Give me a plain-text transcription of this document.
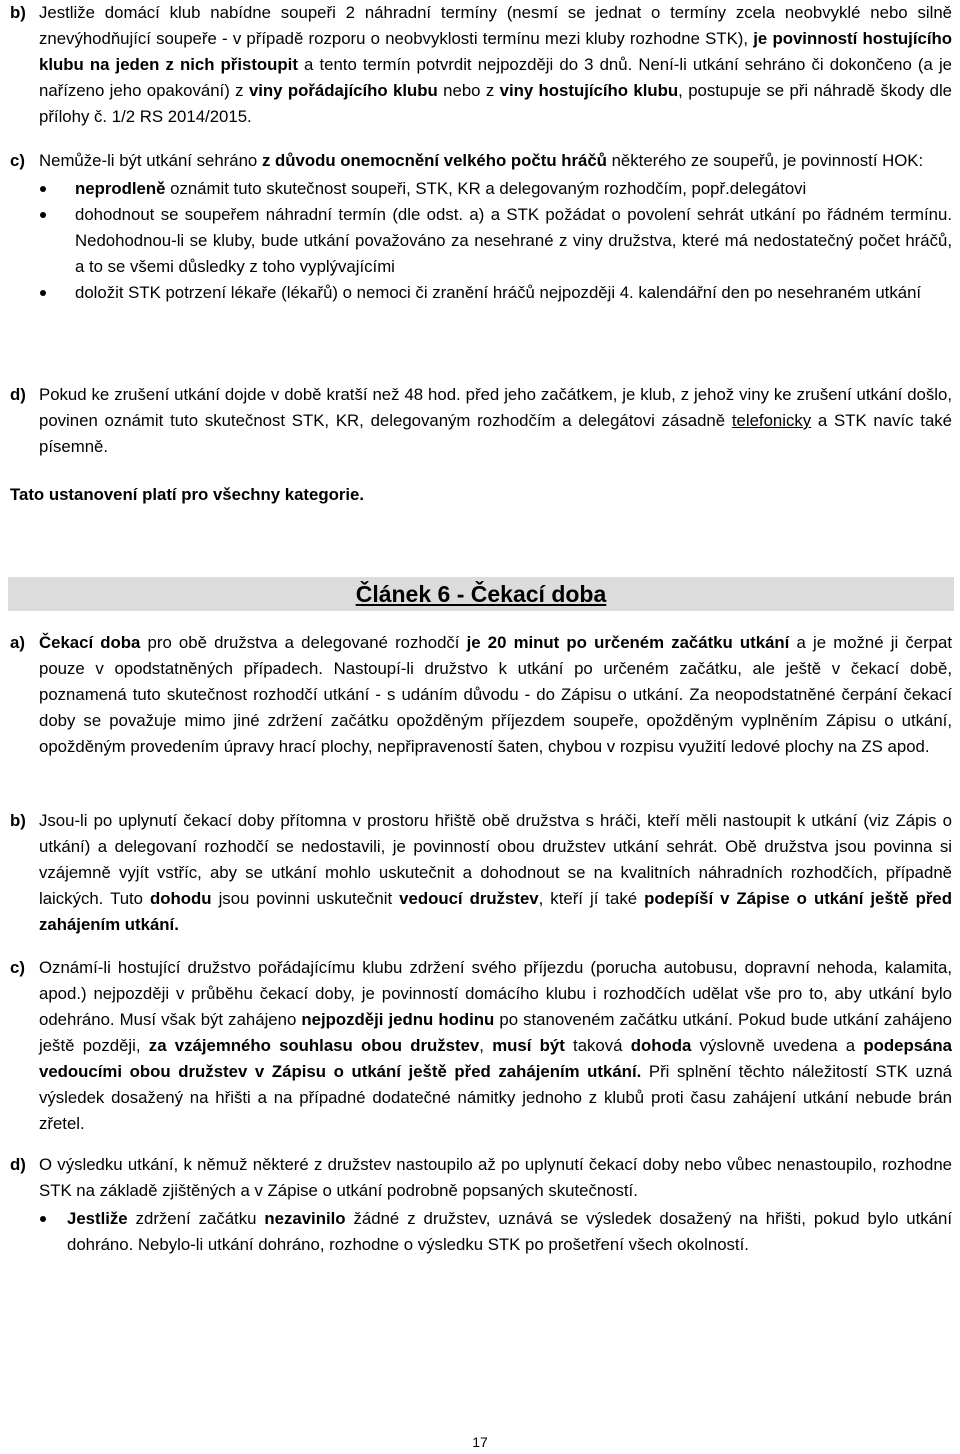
b) Jestliže domácí klub nabídne soupeři 2 náhradní termíny (nesmí se jednat o termíny zcela neobvyklé nebo silně znevýhodňující soupeře - v případě rozporu o neobvyklosti termínu mezi kluby rozhodne STK), je povinností hostujícího klubu na jeden z nich přistoupit a tento termín potvrdit nejpozději do 3 dnů. Není-li utkání sehráno či dokončeno (a je nařízeno jeho opakování) z viny pořádajícího klubu nebo z viny hostujícího klubu, postupuje se při náhradě škody dle přílohy č. 1/2 RS 2014/2015.
c) Nemůže-li být utkání sehráno z důvodu onemocnění velkého počtu hráčů některého ze soupeřů, je povinností HOK:
neprodleně oznámit tuto skutečnost soupeři, STK, KR a delegovaným rozhodčím, popř.delegátovi
dohodnout se soupeřem náhradní termín (dle odst. a) a STK požádat o povolení sehrát utkání po řádném termínu. Nedohodnou-li se kluby, bude utkání považováno za nesehrané z viny družstva, které má nedostatečný počet hráčů, a to se všemi důsledky z toho vyplývajícími
doložit STK potrzení lékaře (lékařů) o nemoci či zranění hráčů nejpozději 4. kalendářní den po nesehraném utkání
d) Pokud ke zrušení utkání dojde v době kratší než 48 hod. před jeho začátkem, je klub, z jehož viny ke zrušení utkání došlo, povinen oznámit tuto skutečnost STK, KR, delegovaným rozhodčím a delegátovi zásadně telefonicky a STK navíc také písemně.
Tato ustanovení platí pro všechny kategorie.
Článek 6 - Čekací doba
a) Čekací doba pro obě družstva a delegované rozhodčí je 20 minut po určeném začátku utkání a je možné ji čerpat pouze v opodstatněných případech. Nastoupí-li družstvo k utkání po určeném začátku, ale ještě v čekací době, poznamená tuto skutečnost rozhodčí utkání - s udáním důvodu - do Zápisu o utkání. Za neopodstatněné čerpání čekací doby se považuje mimo jiné zdržení začátku opožděným příjezdem soupeře, opožděným vyplněním Zápisu o utkání, opožděným provedením úpravy hrací plochy, nepřipraveností šaten, chybou v rozpisu využití ledové plochy na ZS apod.
b) Jsou-li po uplynutí čekací doby přítomna v prostoru hřiště obě družstva s hráči, kteří měli nastoupit k utkání (viz Zápis o utkání) a delegovaní rozhodčí se nedostavili, je povinností obou družstev utkání sehrát. Obě družstva jsou povinna si vzájemně vyjít vstříc, aby se utkání mohlo uskutečnit a dohodnout se na kvalitních náhradních rozhodčích, případně laických. Tuto dohodu jsou povinni uskutečnit vedoucí družstev, kteří jí také podepíší v Zápise o utkání ještě před zahájením utkání.
c) Oznámí-li hostující družstvo pořádajícímu klubu zdržení svého příjezdu (porucha autobusu, dopravní nehoda, kalamita, apod.) nejpozději v průběhu čekací doby, je povinností domácího klubu i rozhodčích udělat vše pro to, aby utkání bylo odehráno. Musí však být zahájeno nejpozději jednu hodinu po stanoveném začátku utkání. Pokud bude utkání zahájeno ještě později, za vzájemného souhlasu obou družstev, musí být taková dohoda výslovně uvedena a podepsána vedoucími obou družstev v Zápisu o utkání ještě před zahájením utkání. Při splnění těchto náležitostí STK uzná výsledek dosažený na hřišti a na případné dodatečné námitky jednoho z klubů proti času zahájení utkání nebude brán zřetel.
d) O výsledku utkání, k němuž některé z družstev nastoupilo až po uplynutí čekací doby nebo vůbec nenastoupilo, rozhodne STK na základě zjištěných a v Zápise o utkání podrobně popsaných skutečností.
Jestliže zdržení začátku nezavinilo žádné z družstev, uznává se výsledek dosažený na hřišti, pokud bylo utkání dohráno. Nebylo-li utkání dohráno, rozhodne o výsledku STK po prošetření všech okolností.
17
